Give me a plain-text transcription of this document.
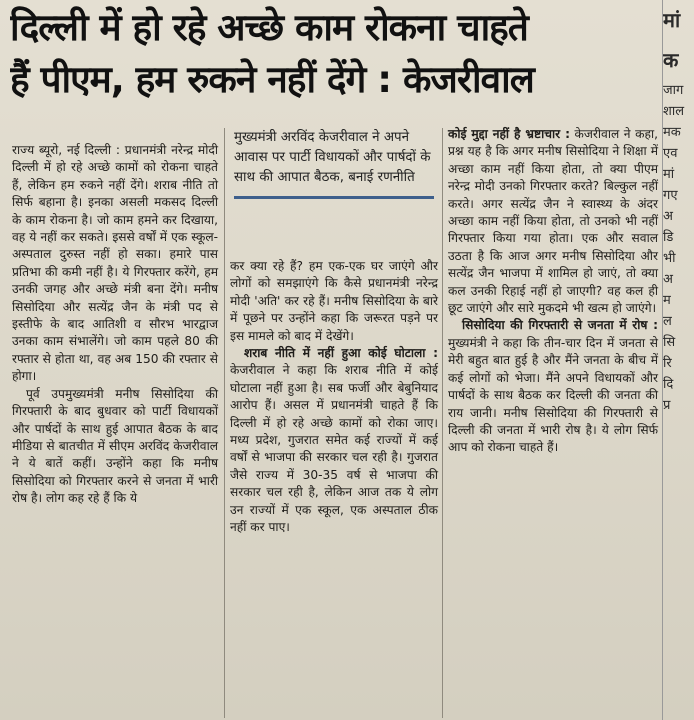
दिल्ली में हो रहे अच्छे काम रोकना चाहते
हैं पीएम, हम रुकने नहीं देंगे : केजरीवाल

राज्य ब्यूरो, नई दिल्ली : प्रधानमंत्री नरेन्द्र मोदी दिल्ली में हो रहे अच्छे कामों को रोकना चाहते हैं, लेकिन हम रुकने नहीं देंगे। शराब नीति तो सिर्फ बहाना है। इनका असली मकसद दिल्ली के काम रोकना है। जो काम हमने कर दिखाया, वह ये नहीं कर सकते। इससे वर्षों में एक स्कूल-अस्पताल दुरुस्त नहीं हो सका। हमारे पास प्रतिभा की कमी नहीं है। ये गिरफ्तार करेंगे, हम उनकी जगह और अच्छे मंत्री बना देंगे। मनीष सिसोदिया और सत्येंद्र जैन के मंत्री पद से इस्तीफे के बाद आतिशी व सौरभ भारद्वाज उनका काम संभालेंगे। जो काम पहले 80 की रफ्तार से होता था, वह अब 150 की रफ्तार से होगा।

पूर्व उपमुख्यमंत्री मनीष सिसोदिया की गिरफ्तारी के बाद बुधवार को पार्टी विधायकों और पार्षदों के साथ हुई आपात बैठक के बाद मीडिया से बातचीत में सीएम अरविंद केजरीवाल ने ये बातें कहीं। उन्होंने कहा कि मनीष सिसोदिया को गिरफ्तार करने से जनता में भारी रोष है। लोग कह रहे हैं कि ये

मुख्यमंत्री अरविंद केजरीवाल ने अपने आवास पर पार्टी विधायकों और पार्षदों के साथ की आपात बैठक, बनाई रणनीति

कर क्या रहे हैं? हम एक-एक घर जाएंगे और लोगों को समझाएंगे कि कैसे प्रधानमंत्री नरेन्द्र मोदी 'अति' कर रहे हैं। मनीष सिसोदिया के बारे में पूछने पर उन्होंने कहा कि जरूरत पड़ने पर इस मामले को बाद में देखेंगे।

शराब नीति में नहीं हुआ कोई घोटाला : केजरीवाल ने कहा कि शराब नीति में कोई घोटाला नहीं हुआ है। सब फर्जी और बेबुनियाद आरोप हैं। असल में प्रधानमंत्री चाहते हैं कि दिल्ली में हो रहे अच्छे कामों को रोका जाए। मध्य प्रदेश, गुजरात समेत कई राज्यों में कई वर्षों से भाजपा की सरकार चल रही है। गुजरात जैसे राज्य में 30-35 वर्ष से भाजपा की सरकार चल रही है, लेकिन आज तक ये लोग उन राज्यों में एक स्कूल, एक अस्पताल ठीक नहीं कर पाए।

कोई मुद्दा नहीं है भ्रष्टाचार : केजरीवाल ने कहा, प्रश्न यह है कि अगर मनीष सिसोदिया ने शिक्षा में अच्छा काम नहीं किया होता, तो क्या पीएम नरेन्द्र मोदी उनको गिरफ्तार करते? बिल्कुल नहीं करते। अगर सत्येंद्र जैन ने स्वास्थ्य के अंदर अच्छा काम नहीं किया होता, तो उनको भी नहीं गिरफ्तार किया गया होता। एक और सवाल उठता है कि आज अगर मनीष सिसोदिया और सत्येंद्र जैन भाजपा में शामिल हो जाएं, तो क्या कल उनकी रिहाई नहीं हो जाएगी? वह कल ही छूट जाएंगे और सारे मुकदमे भी खत्म हो जाएंगे।

सिसोदिया की गिरफ्तारी से जनता में रोष : मुख्यमंत्री ने कहा कि तीन-चार दिन में जनता से मेरी बहुत बात हुई है और मैंने जनता के बीच में कई लोगों को भेजा। मैंने अपने विधायकों और पार्षदों के साथ बैठक कर दिल्ली की जनता की राय जानी। मनीष सिसोदिया की गिरफ्तारी से दिल्ली की जनता में भारी रोष है। ये लोग सिर्फ आप को रोकना चाहते हैं।

मां
क
जाग
शाल
मक
एव
मां
गए
अ
डि
भी
अ
म
ल
सि
रि
दि
प्र
